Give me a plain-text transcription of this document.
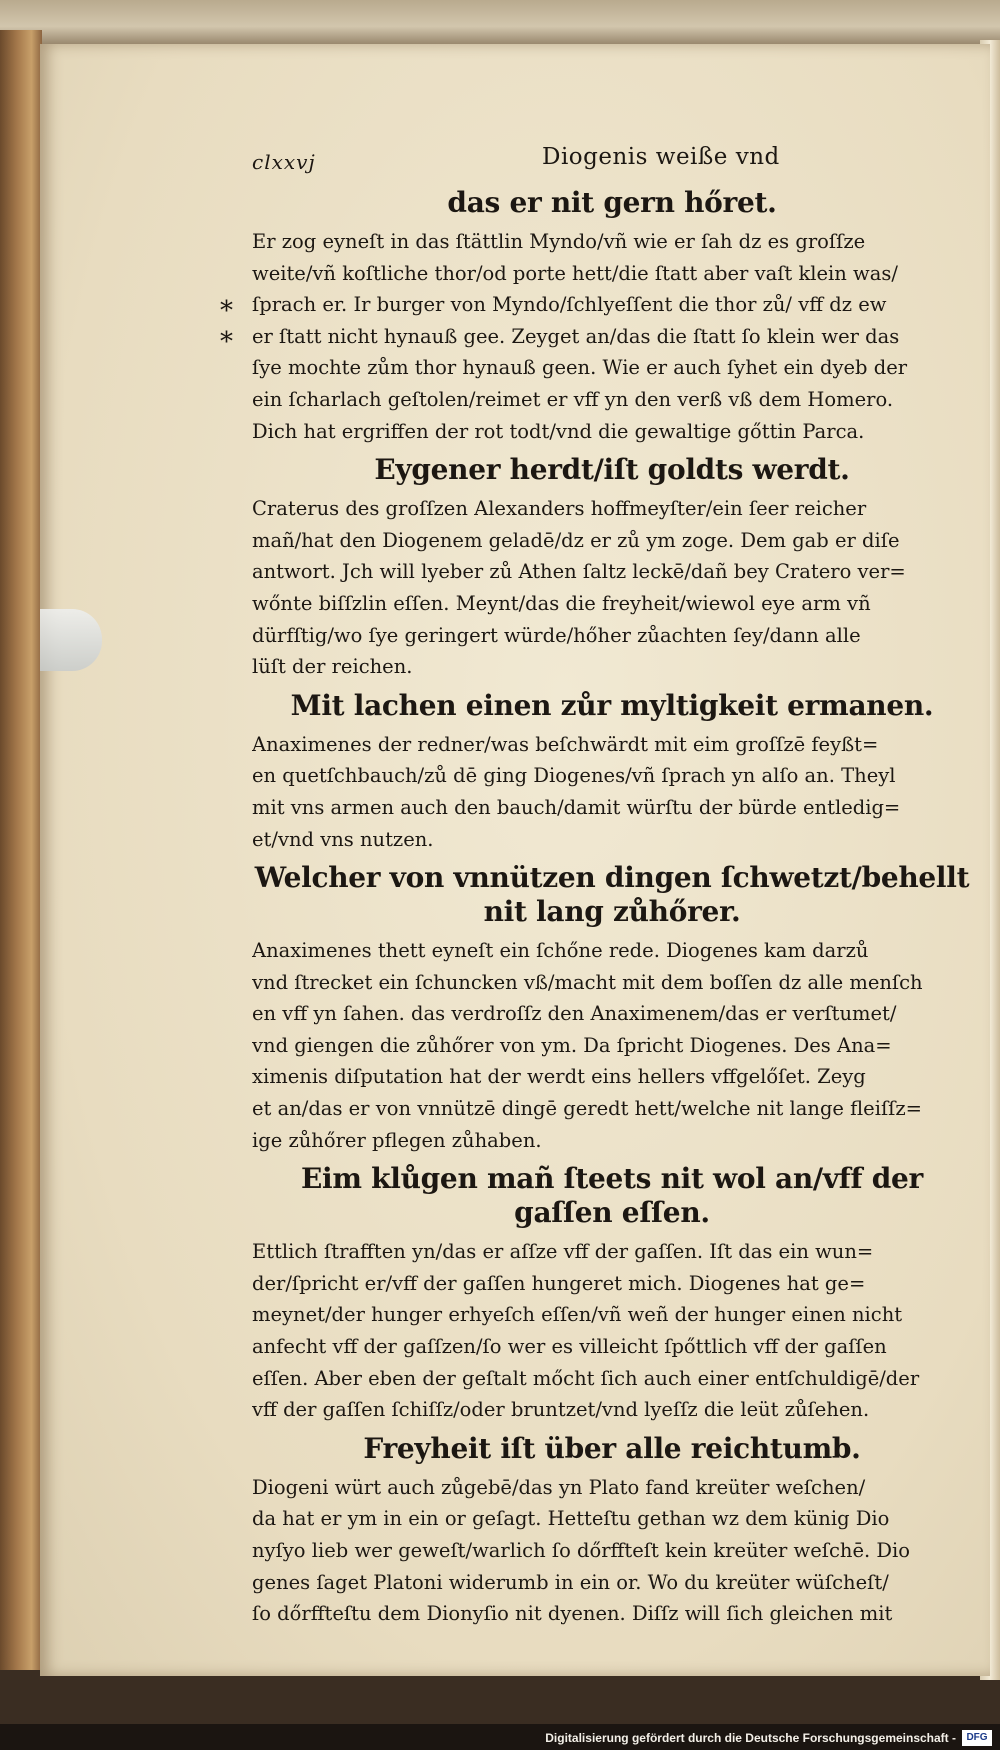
*
*
clxxvj	Diogenis weiße vnd
das er nit gern hőret.

Er zog eyneſt in das ſtättlin Myndo/vñ wie er ſah dz es groſſze
weite/vñ koſtliche thor/od porte hett/die ſtatt aber vaſt klein was/
ſprach er. Ir burger von Myndo/ſchlyeſſent die thor zů/ vff dz ew
er ſtatt nicht hynauß gee. Zeyget an/das die ſtatt ſo klein wer das
ſye mochte zům thor hynauß geen. Wie er auch ſyhet ein dyeb der
ein ſcharlach geſtolen/reimet er vff yn den verß vß dem Homero.
Dich hat ergriffen der rot todt/vnd die gewaltige gőttin Parca.

Eygener herdt/iſt goldts werdt.

Craterus des groſſzen Alexanders hoffmeyſter/ein ſeer reicher
mañ/hat den Diogenem geladē/dz er zů ym zoge. Dem gab er diſe
antwort. Jch will lyeber zů Athen ſaltz leckē/dañ bey Cratero ver=
wőnte biſſzlin eſſen. Meynt/das die freyheit/wiewol eye arm vñ
dürfſtig/wo ſye geringert würde/hőher zůachten ſey/dann alle
lüſt der reichen.

Mit lachen einen zůr myltigkeit ermanen.

Anaximenes der redner/was beſchwärdt mit eim groſſzē feyßt=
en quetſchbauch/zů dē ging Diogenes/vñ ſprach yn alſo an. Theyl
mit vns armen auch den bauch/damit würſtu der bürde entledig=
et/vnd vns nutzen.

Welcher von vnnützen dingen ſchwetzt/behellt nit lang zůhőrer.

Anaximenes thett eyneſt ein ſchőne rede. Diogenes kam darzů
vnd ſtrecket ein ſchuncken vß/macht mit dem boſſen dz alle menſch
en vff yn ſahen. das verdroſſz den Anaximenem/das er verſtumet/
vnd giengen die zůhőrer von ym. Da ſpricht Diogenes. Des Ana=
ximenis diſputation hat der werdt eins hellers vffgelőſet. Zeyg
et an/das er von vnnützē dingē geredt hett/welche nit lange fleiſſz=
ige zůhőrer pflegen zůhaben.

Eim klůgen mañ ſteets nit wol an/vff der gaſſen eſſen.

Ettlich ſtrafften yn/das er aſſze vff der gaſſen. Iſt das ein wun=
der/ſpricht er/vff der gaſſen hungeret mich. Diogenes hat ge=
meynet/der hunger erhyeſch eſſen/vñ weñ der hunger einen nicht
anfecht vff der gaſſzen/ſo wer es villeicht ſpőttlich vff der gaſſen
eſſen. Aber eben der geſtalt mőcht ſich auch einer entſchuldigē/der
vff der gaſſen ſchiſſz/oder bruntzet/vnd lyeſſz die leüt zůſehen.

Freyheit iſt über alle reichtumb.

Diogeni würt auch zůgebē/das yn Plato fand kreüter weſchen/
da hat er ym in ein or geſagt. Hetteſtu gethan wz dem künig Dio
nyſyo lieb wer geweſt/warlich ſo dőrffteſt kein kreüter weſchē. Dio
genes ſaget Platoni widerumb in ein or. Wo du kreüter wüſcheſt/
ſo dőrffteſtu dem Dionyſio nit dyenen. Diſſz will ſich gleichen mit

Digitalisierung gefördert durch die Deutsche Forschungsgemeinschaft -	DFG
